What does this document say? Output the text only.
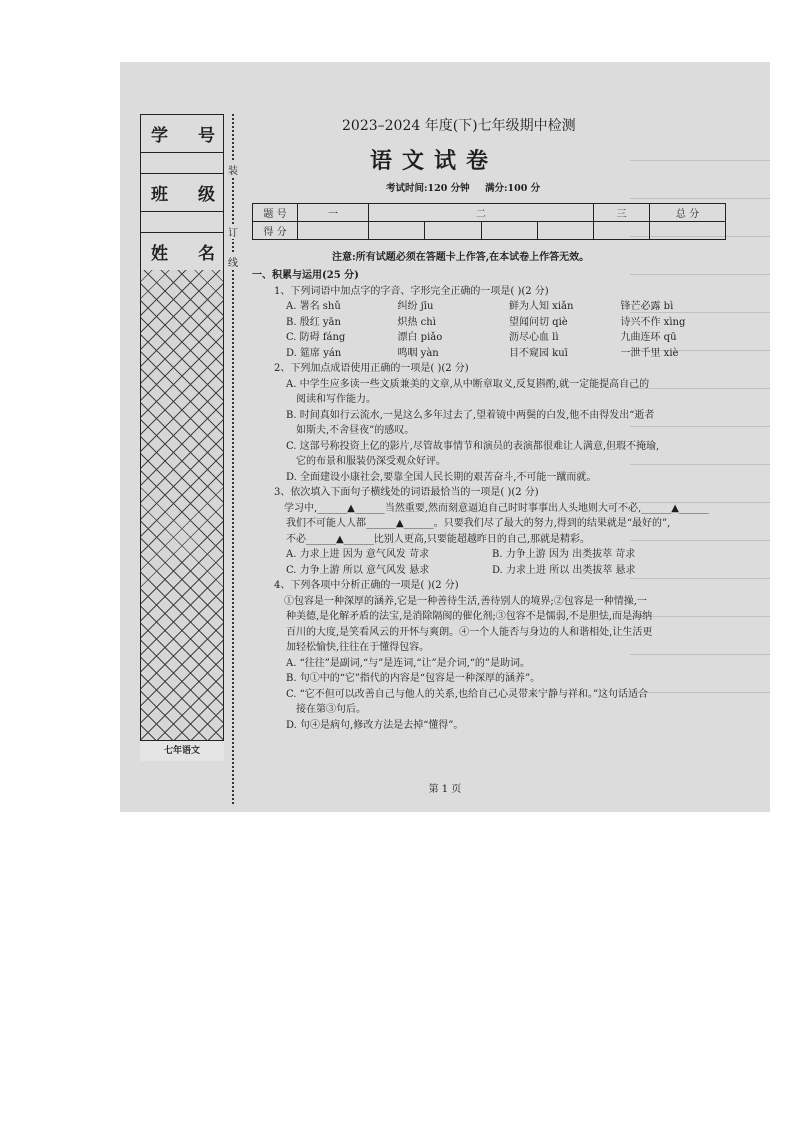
学 号
班 级
姓 名
七年语文
装
订
线
2023–2024 年度(下)七年级期中检测
语文试卷
考试时间:120 分钟 满分:100 分
题 号	一	二				三	总 分
得 分							
注意:所有试题必须在答题卡上作答,在本试卷上作答无效。
一、积累与运用(25 分)
1、下列词语中加点字的字音、字形完全正确的一项是( )(2 分)
A. 署名 shǔ	纠纷 jīu	鲜为人知 xiǎn	锋芒必露 bì
B. 殷红 yān	炽热 chì	望闻问切 qiè	诗兴不作 xìng
C. 防碍 fáng	漂白 piǎo	沥尽心血 lì	九曲连环 qū
D. 筵席 yán	鸣咽 yàn	目不窥园 kuī	一泄千里 xiè
2、下列加点成语使用正确的一项是( )(2 分)
A. 中学生应多读一些文质兼美的文章,从中断章取义,反复斟酌,就一定能提高自己的
阅读和写作能力。
B. 时间真如行云流水,一晃这么多年过去了,望着镜中两鬓的白发,他不由得发出“逝者
如斯夫,不舍昼夜”的感叹。
C. 这部号称投资上亿的影片,尽管故事情节和演员的表演都很难让人满意,但瑕不掩瑜,
它的布景和服装仍深受观众好评。
D. 全面建设小康社会,要靠全国人民长期的艰苦奋斗,不可能一蹴而就。
3、依次填入下面句子横线处的词语最恰当的一项是( )(2 分)
学习中,______▲______当然重要,然而刻意逼迫自己时时事事出人头地则大可不必,______▲______
我们不可能人人都______▲______。只要我们尽了最大的努力,得到的结果就是“最好的”,
不必______▲______比别人更高,只要能超越昨日的自己,那就是精彩。
A. 力求上进 因为 意气风发 苛求	B. 力争上游 因为 出类拔萃 苛求
C. 力争上游 所以 意气风发 悬求	D. 力求上进 所以 出类拔萃 悬求
4、下列各项中分析正确的一项是( )(2 分)
①包容是一种深厚的涵养,它是一种善待生活,善待别人的境界;②包容是一种情操,一
种美德,是化解矛盾的法宝,是消除隔阂的催化剂;③包容不是懦弱,不是胆怯,而是海纳
百川的大度,是笑看风云的开怀与爽朗。④一个人能否与身边的人和谐相处,让生活更
加轻松愉快,往往在于懂得包容。
A. “往往”是副词,“与”是连词,“让”是介词,“的”是助词。
B. 句①中的“它”指代的内容是“包容是一种深厚的涵养”。
C. “它不但可以改善自己与他人的关系,也给自己心灵带来宁静与祥和。”这句话适合
接在第③句后。
D. 句④是病句,修改方法是去掉“懂得”。
第 1 页
